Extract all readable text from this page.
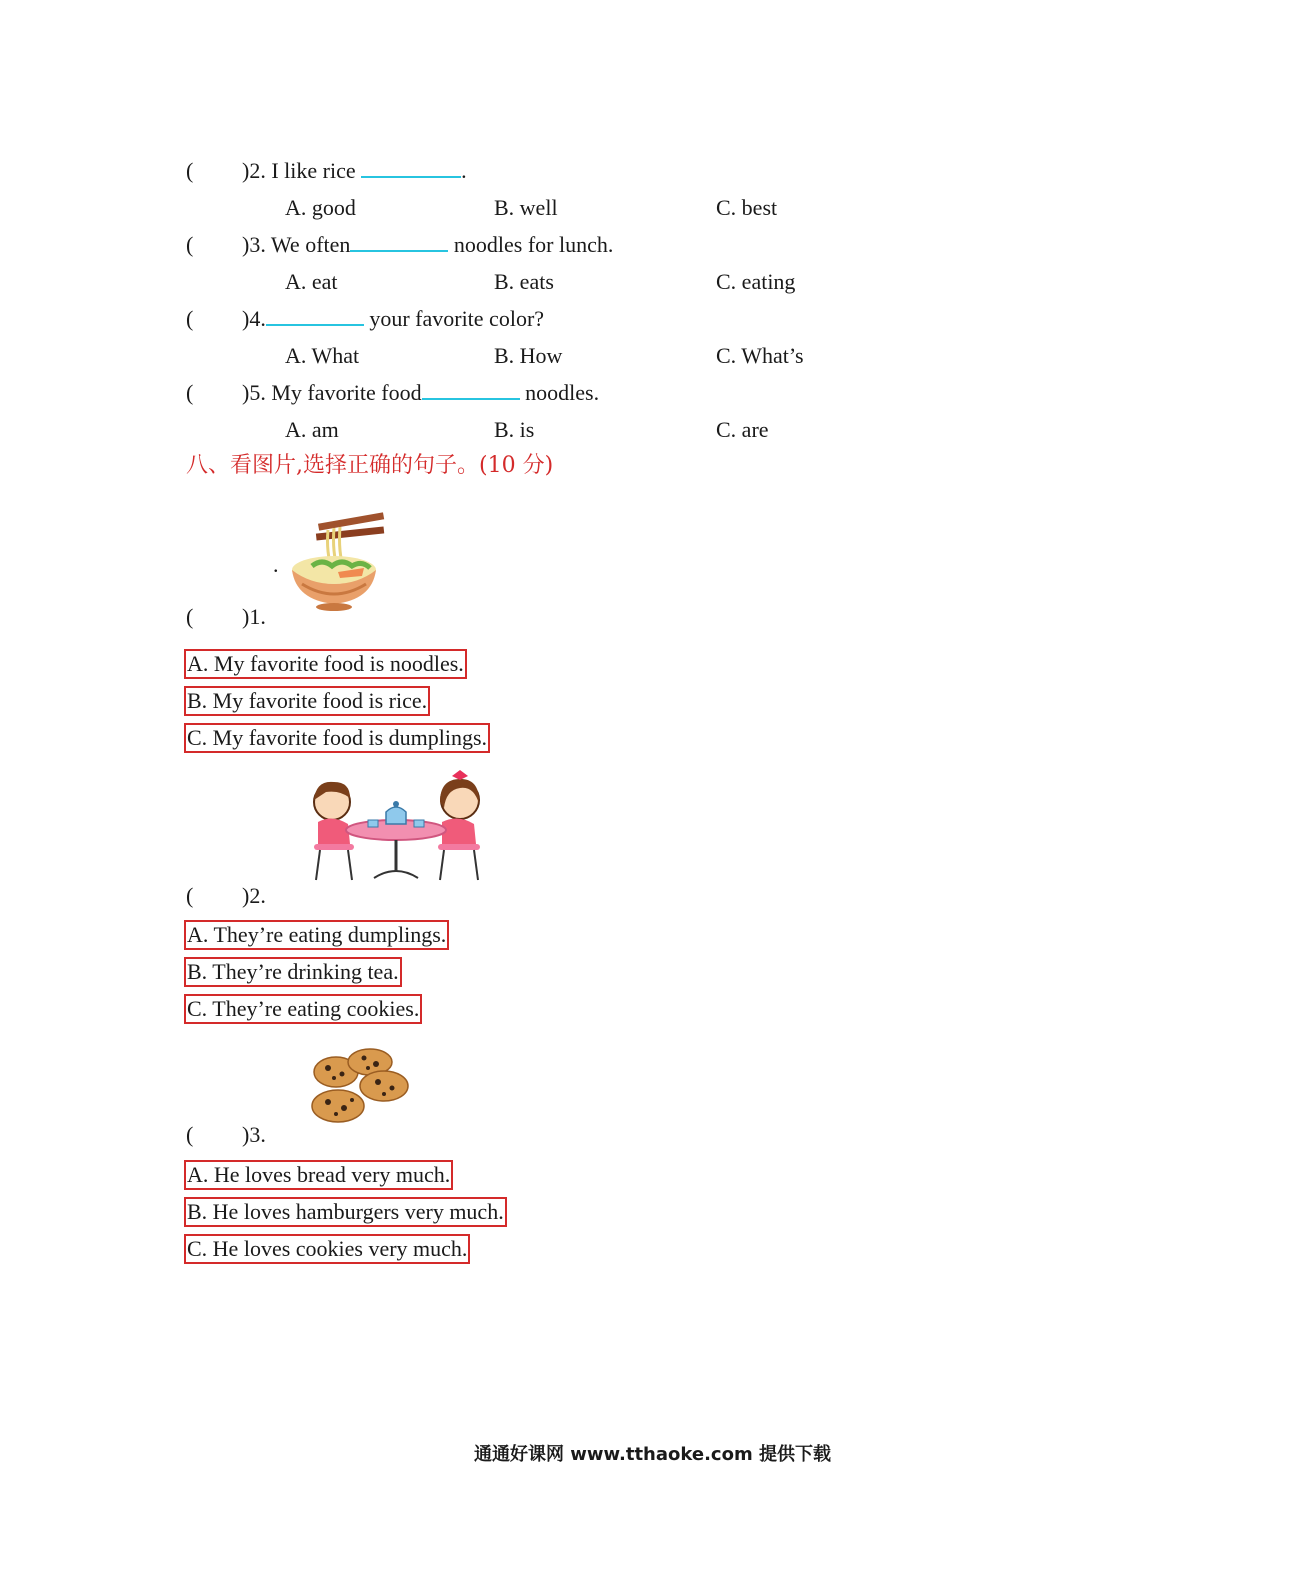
( )2. I like rice	.
A. good	B. well	C. best
( )3. We often	noodles for lunch.
A. eat	B. eats	C. eating
( )4.	your favorite color?
A. What	B. How	C. What’s
( )5. My favorite food	noodles.
A. am	B. is	C. are
八、看图片,选择正确的句子。(10 分)
.
( )1.
A. My favorite food is noodles.
B. My favorite food is rice.
C. My favorite food is dumplings.
( )2.
A. They’re eating dumplings.
B. They’re drinking tea.
C. They’re eating cookies.
( )3.
A. He loves bread very much.
B. He loves hamburgers very much.
C. He loves cookies very much.
通通好课网 www.tthaoke.com 提供下载
